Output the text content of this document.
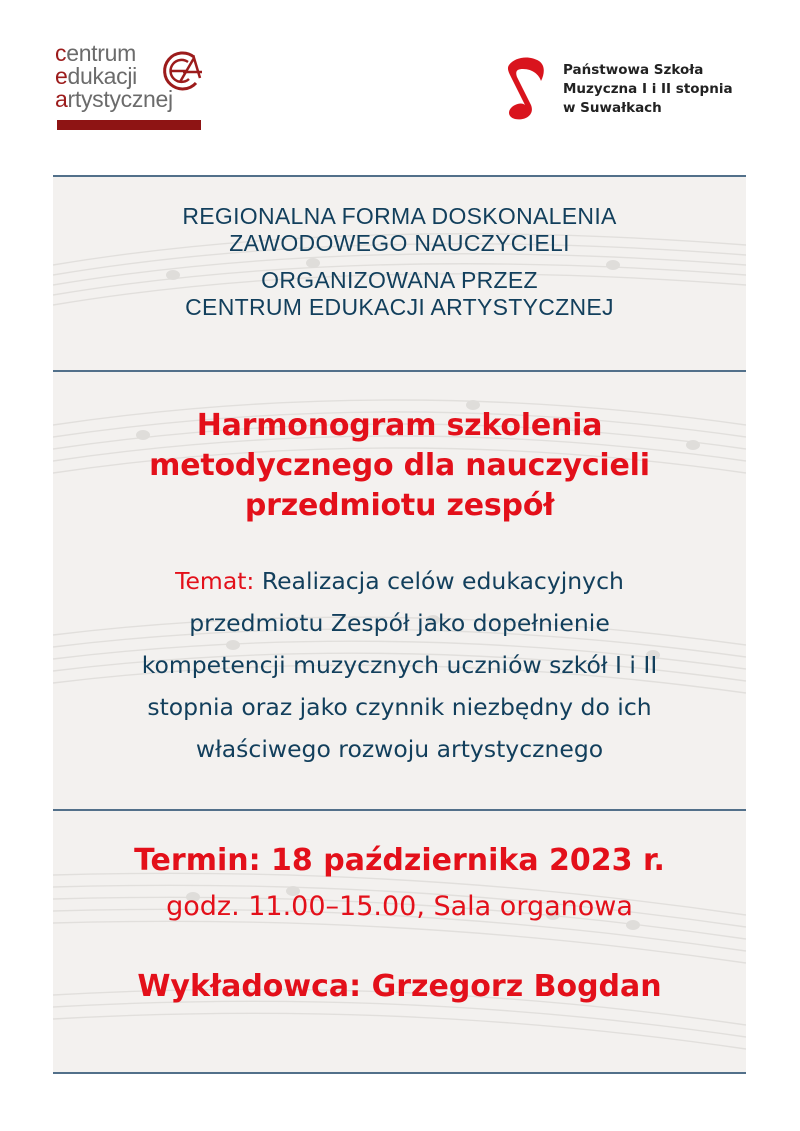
centrum
edukacji
artystycznej
Państwowa Szkoła
Muzyczna I i II stopnia
w Suwałkach
REGIONALNA FORMA DOSKONALENIA
ZAWODOWEGO NAUCZYCIELI
ORGANIZOWANA PRZEZ
CENTRUM EDUKACJI ARTYSTYCZNEJ
Harmonogram szkolenia
metodycznego dla nauczycieli
przedmiotu zespół
Temat: Realizacja celów edukacyjnych
przedmiotu Zespół jako dopełnienie
kompetencji muzycznych uczniów szkół I i II
stopnia oraz jako czynnik niezbędny do ich
właściwego rozwoju artystycznego
Termin: 18 października 2023 r.
godz. 11.00–15.00, Sala organowa
Wykładowca: Grzegorz Bogdan
